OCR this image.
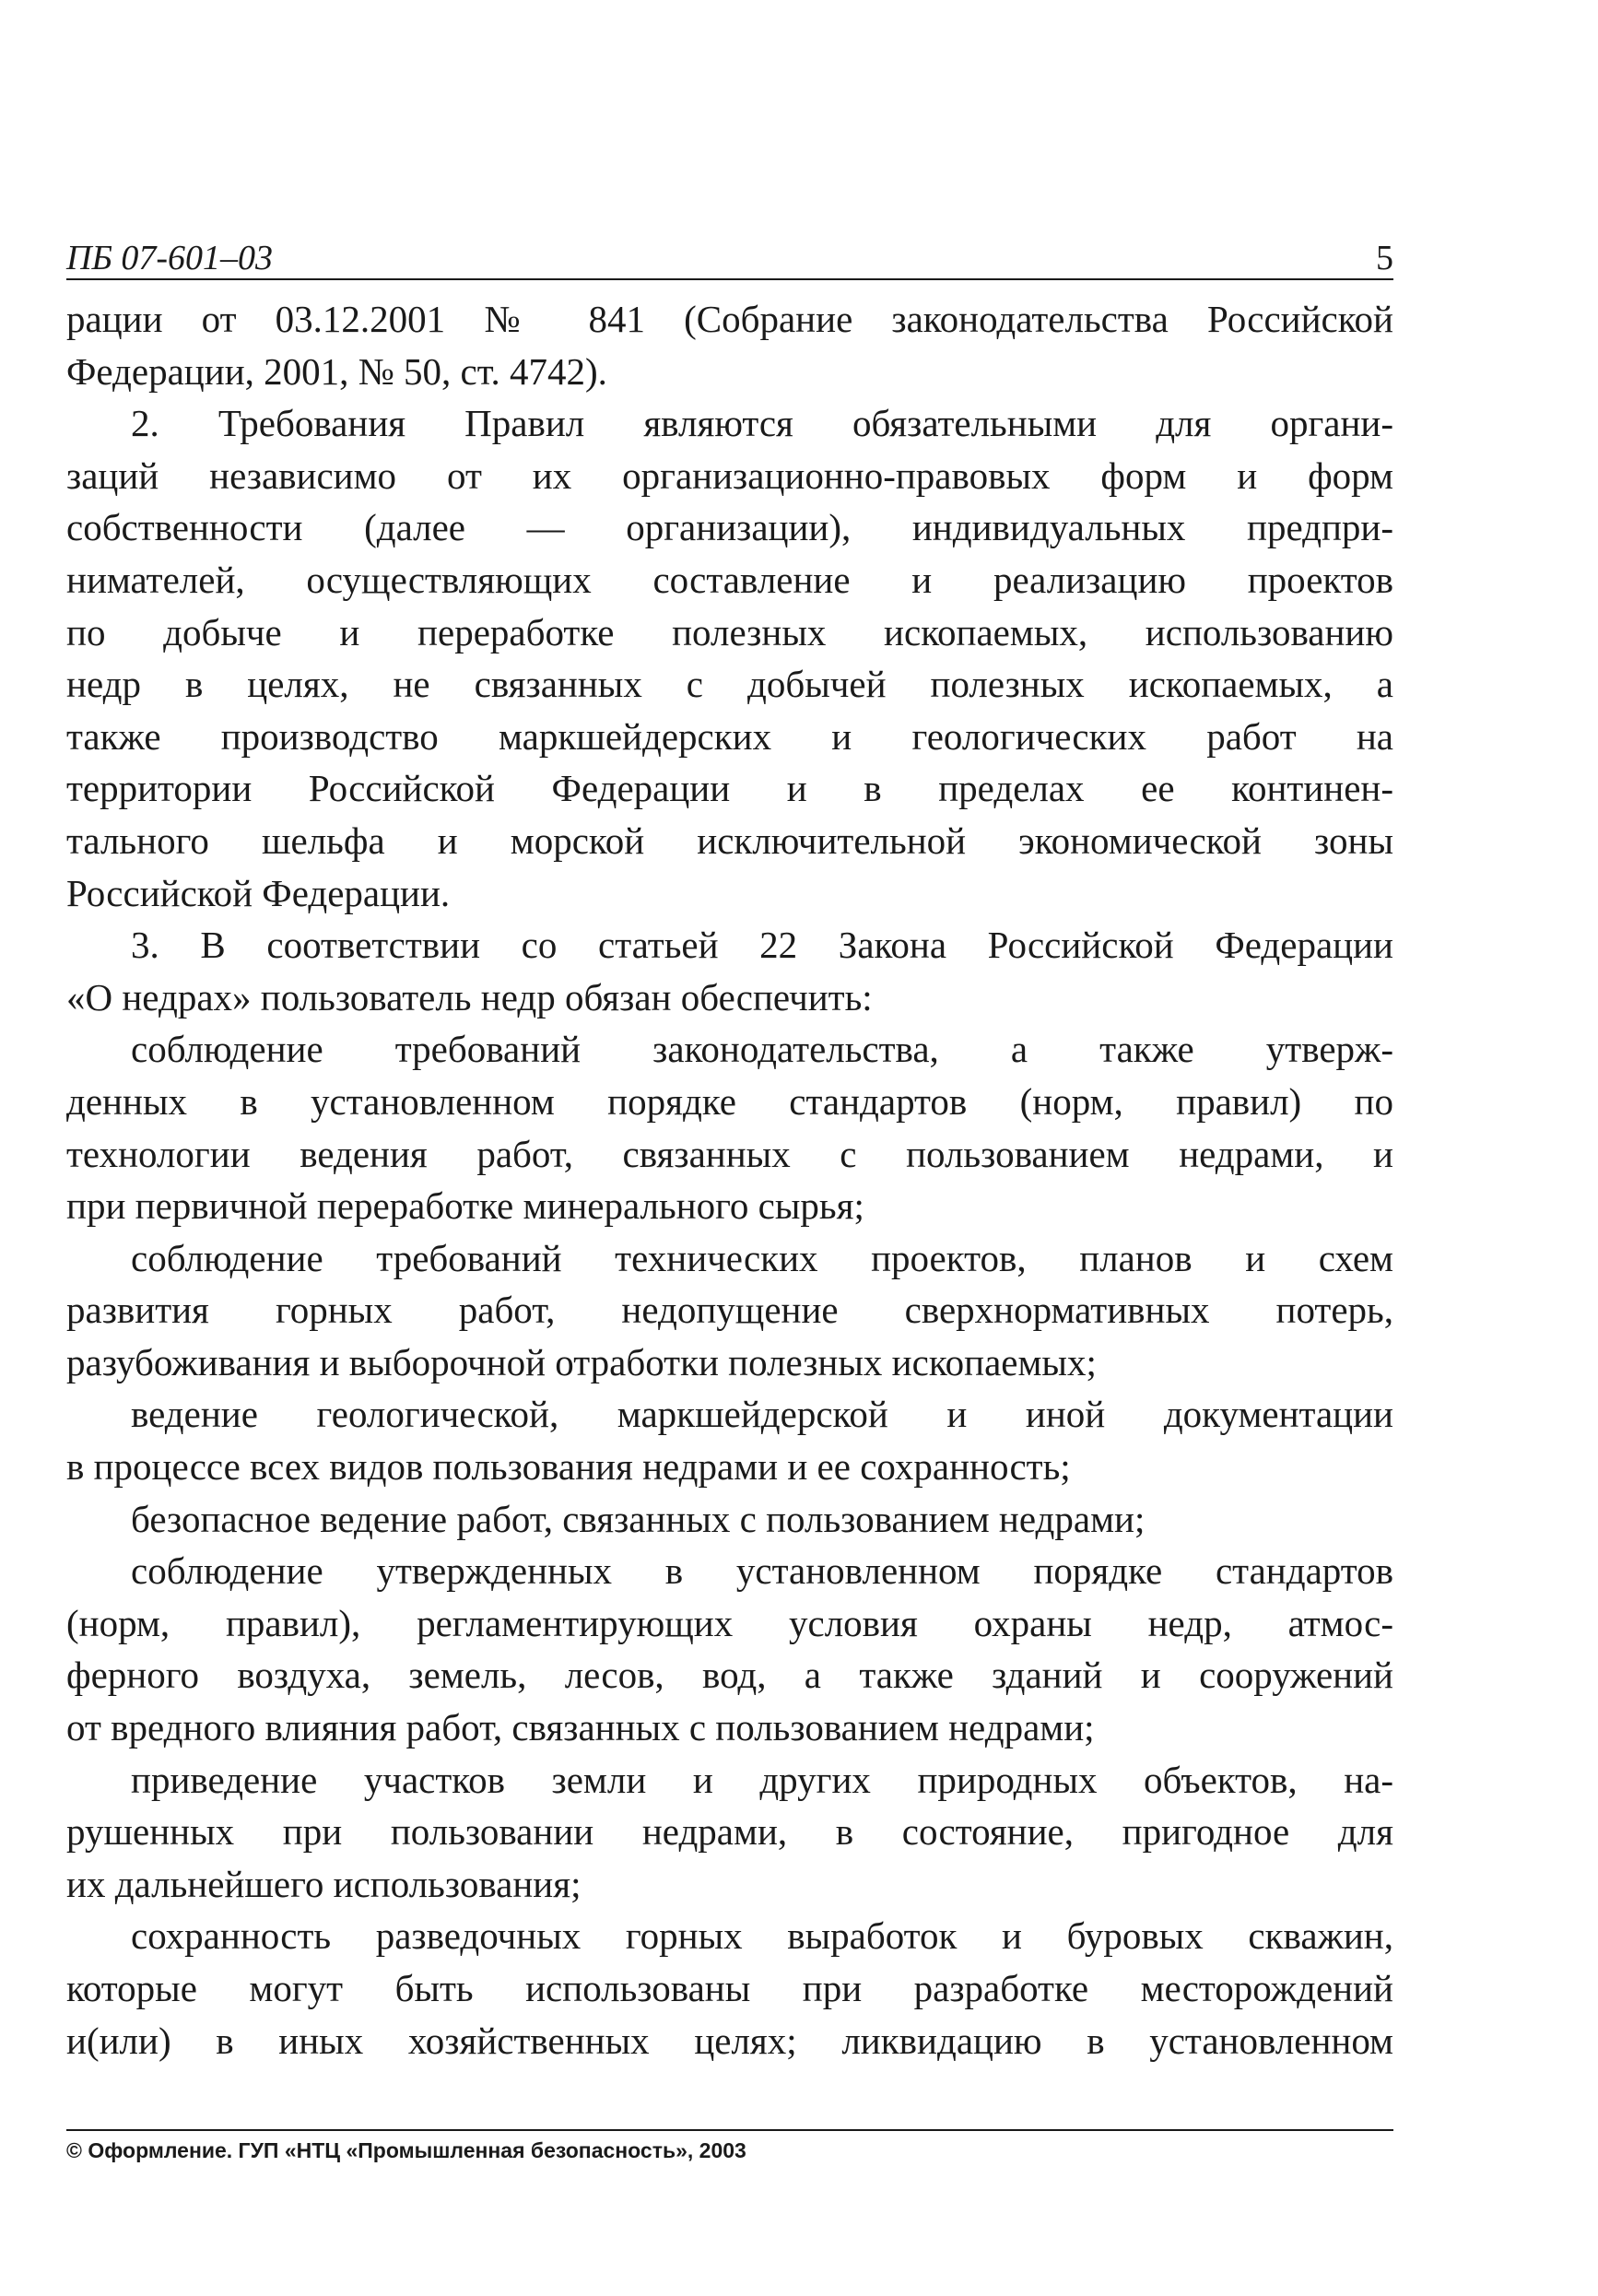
ПБ 07-601–03	5
рации от 03.12.2001 № 841 (Собрание законодательства Российской
Федерации, 2001, № 50, ст. 4742).
2. Требования Правил являются обязательными для органи-
заций независимо от их организационно-правовых форм и форм
собственности (далее — организации), индивидуальных предпри-
нимателей, осуществляющих составление и реализацию проектов
по добыче и переработке полезных ископаемых, использованию
недр в целях, не связанных с добычей полезных ископаемых, а
также производство маркшейдерских и геологических работ на
территории Российской Федерации и в пределах ее континен-
тального шельфа и морской исключительной экономической зоны
Российской Федерации.
3. В соответствии со статьей 22 Закона Российской Федерации
«О недрах» пользователь недр обязан обеспечить:
соблюдение требований законодательства, а также утверж-
денных в установленном порядке стандартов (норм, правил) по
технологии ведения работ, связанных с пользованием недрами, и
при первичной переработке минерального сырья;
соблюдение требований технических проектов, планов и схем
развития горных работ, недопущение сверхнормативных потерь,
разубоживания и выборочной отработки полезных ископаемых;
ведение геологической, маркшейдерской и иной документации
в процессе всех видов пользования недрами и ее сохранность;
безопасное ведение работ, связанных с пользованием недрами;
соблюдение утвержденных в установленном порядке стандартов
(норм, правил), регламентирующих условия охраны недр, атмос-
ферного воздуха, земель, лесов, вод, а также зданий и сооружений
от вредного влияния работ, связанных с пользованием недрами;
приведение участков земли и других природных объектов, на-
рушенных при пользовании недрами, в состояние, пригодное для
их дальнейшего использования;
сохранность разведочных горных выработок и буровых скважин,
которые могут быть использованы при разработке месторождений
и(или) в иных хозяйственных целях; ликвидацию в установленном
© Оформление. ГУП «НТЦ «Промышленная безопасность», 2003
